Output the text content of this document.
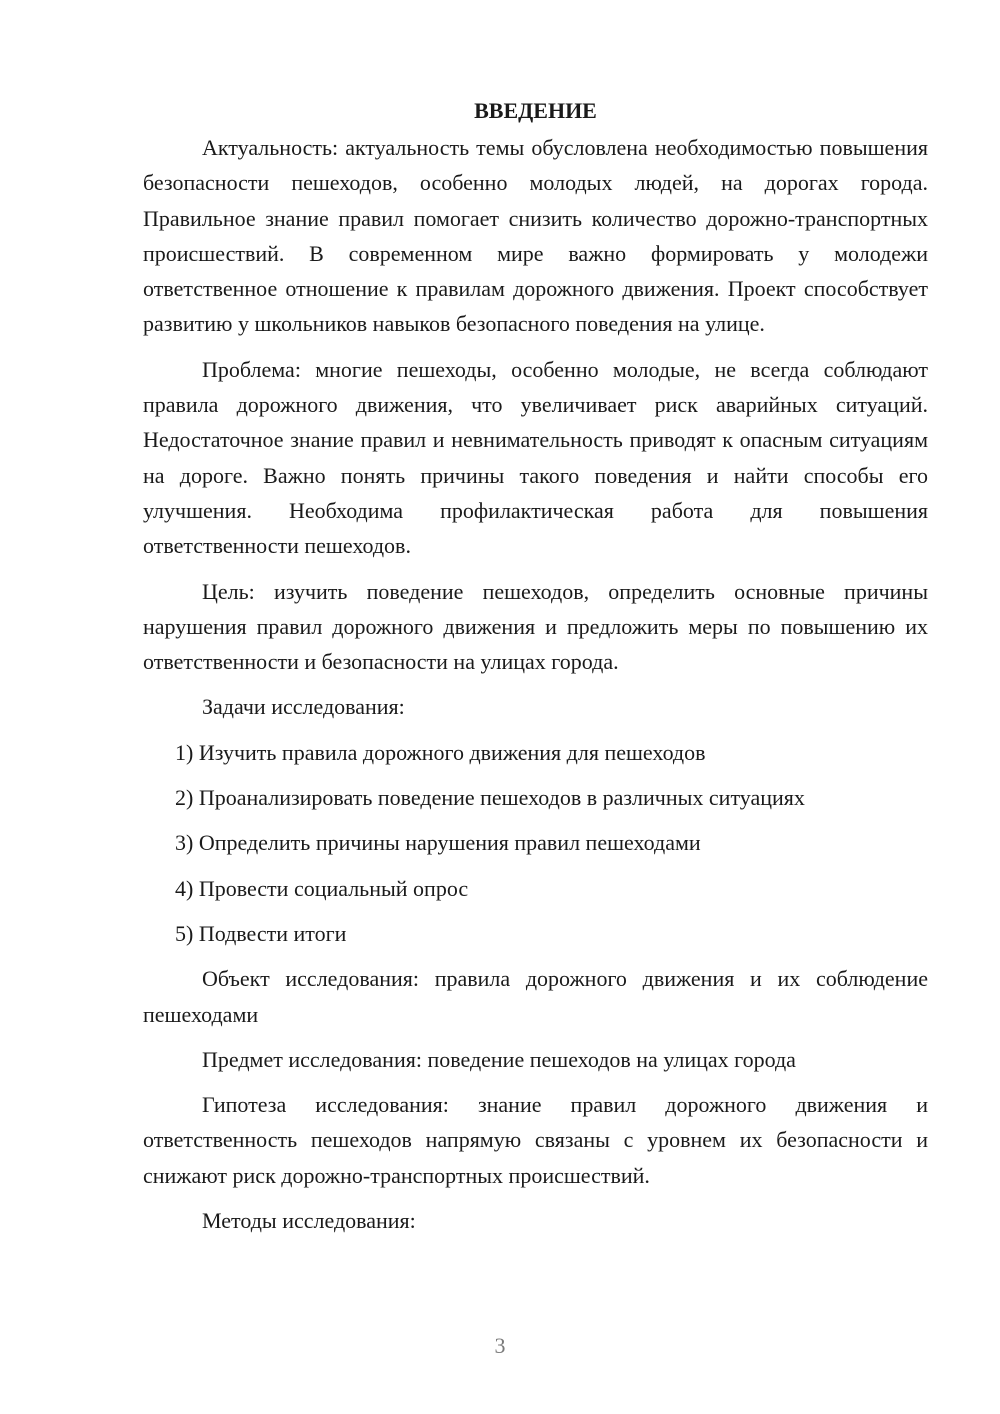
ВВЕДЕНИЕ

Актуальность: актуальность темы обусловлена необходимостью повышения безопасности пешеходов, особенно молодых людей, на дорогах города. Правильное знание правил помогает снизить количество дорожно-транспортных происшествий. В современном мире важно формировать у молодежи ответственное отношение к правилам дорожного движения. Проект способствует развитию у школьников навыков безопасного поведения на улице.

Проблема: многие пешеходы, особенно молодые, не всегда соблюдают правила дорожного движения, что увеличивает риск аварийных ситуаций. Недостаточное знание правил и невнимательность приводят к опасным ситуациям на дороге. Важно понять причины такого поведения и найти способы его улучшения. Необходима профилактическая работа для повышения ответственности пешеходов.

Цель: изучить поведение пешеходов, определить основные причины нарушения правил дорожного движения и предложить меры по повышению их ответственности и безопасности на улицах города.

Задачи исследования:

1) Изучить правила дорожного движения для пешеходов

2) Проанализировать поведение пешеходов в различных ситуациях

3) Определить причины нарушения правил пешеходами

4) Провести социальный опрос

5) Подвести итоги

Объект исследования: правила дорожного движения и их соблюдение пешеходами

Предмет исследования: поведение пешеходов на улицах города

Гипотеза исследования: знание правил дорожного движения и ответственность пешеходов напрямую связаны с уровнем их безопасности и снижают риск дорожно-транспортных происшествий.

Методы исследования:

3
